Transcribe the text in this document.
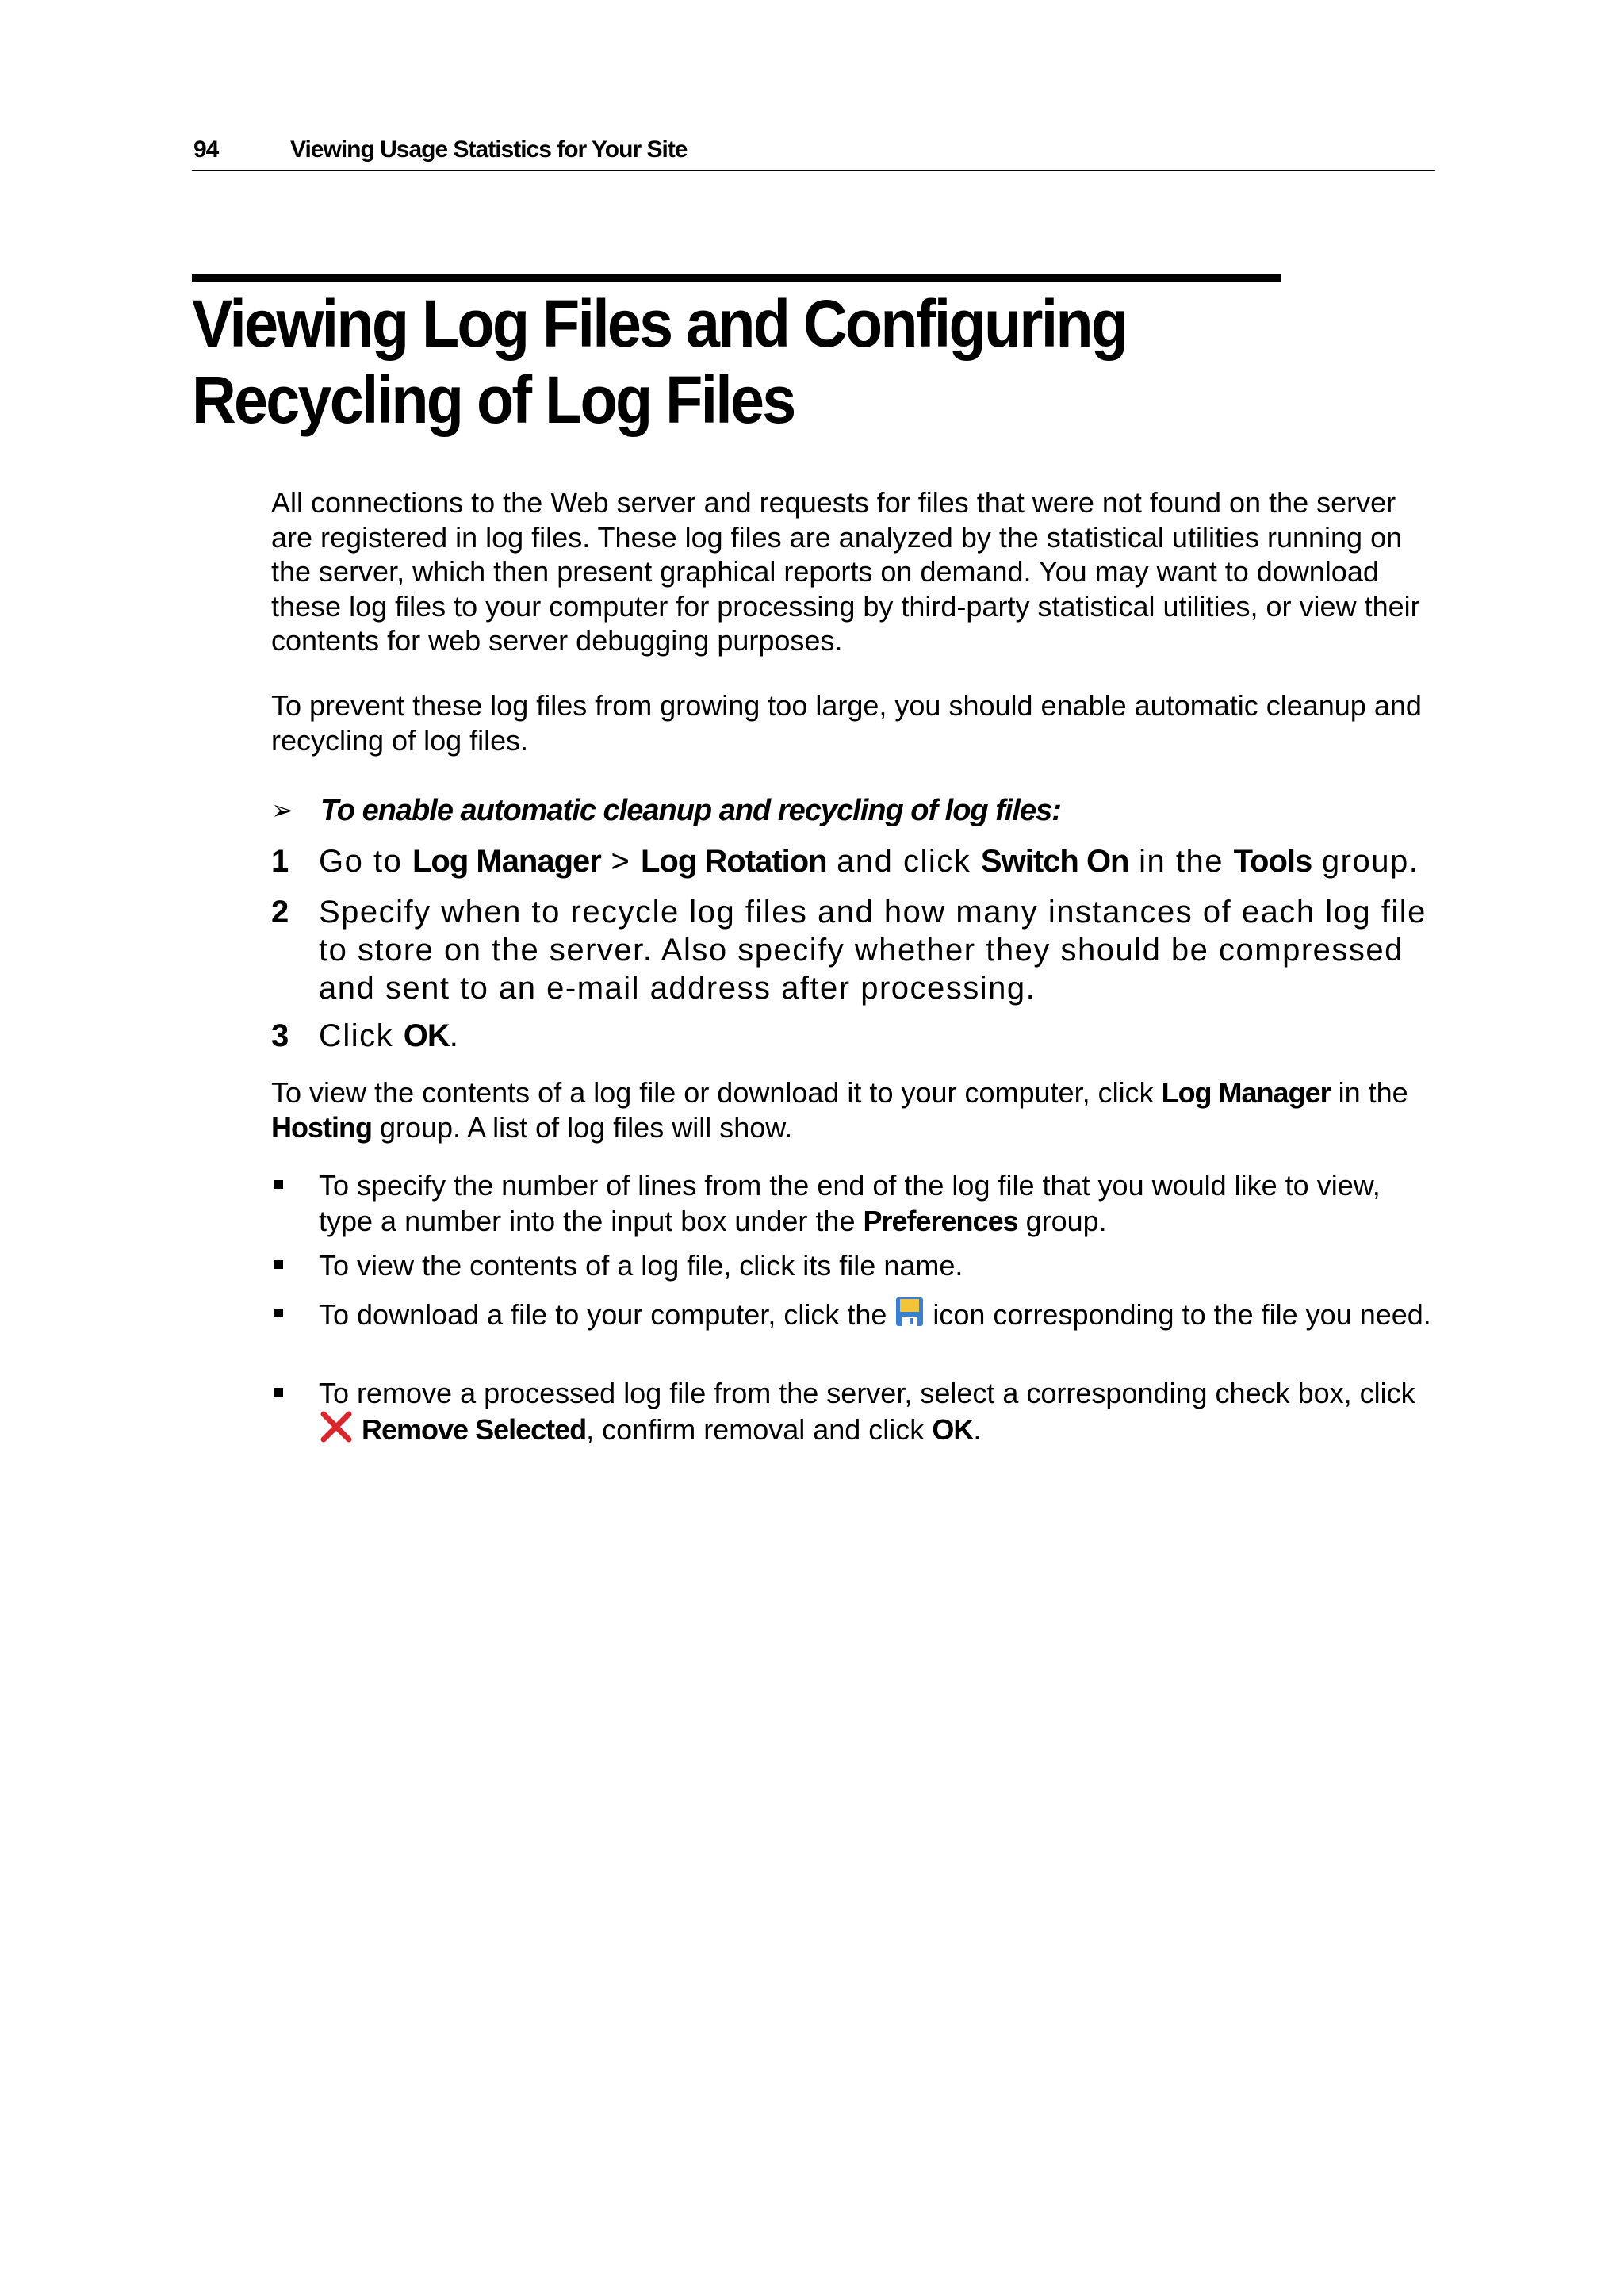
94	Viewing Usage Statistics for Your Site
Viewing Log Files and Configuring
Recycling of Log Files

All connections to the Web server and requests for files that were not found on the server are registered in log files. These log files are analyzed by the statistical utilities running on the server, which then present graphical reports on demand. You may want to download these log files to your computer for processing by third-party statistical utilities, or view their contents for web server debugging purposes.

To prevent these log files from growing too large, you should enable automatic cleanup and recycling of log files.

➢ To enable automatic cleanup and recycling of log files:
1 Go to Log Manager > Log Rotation and click Switch On in the Tools group.
2 Specify when to recycle log files and how many instances of each log file to store on the server. Also specify whether they should be compressed and sent to an e-mail address after processing.
3 Click OK.

To view the contents of a log file or download it to your computer, click Log Manager in the Hosting group. A list of log files will show.

To specify the number of lines from the end of the log file that you would like to view, type a number into the input box under the Preferences group.
To view the contents of a log file, click its file name.
To download a file to your computer, click the  icon corresponding to the file you need.
To remove a processed log file from the server, select a corresponding check box, click  Remove Selected, confirm removal and click OK.
